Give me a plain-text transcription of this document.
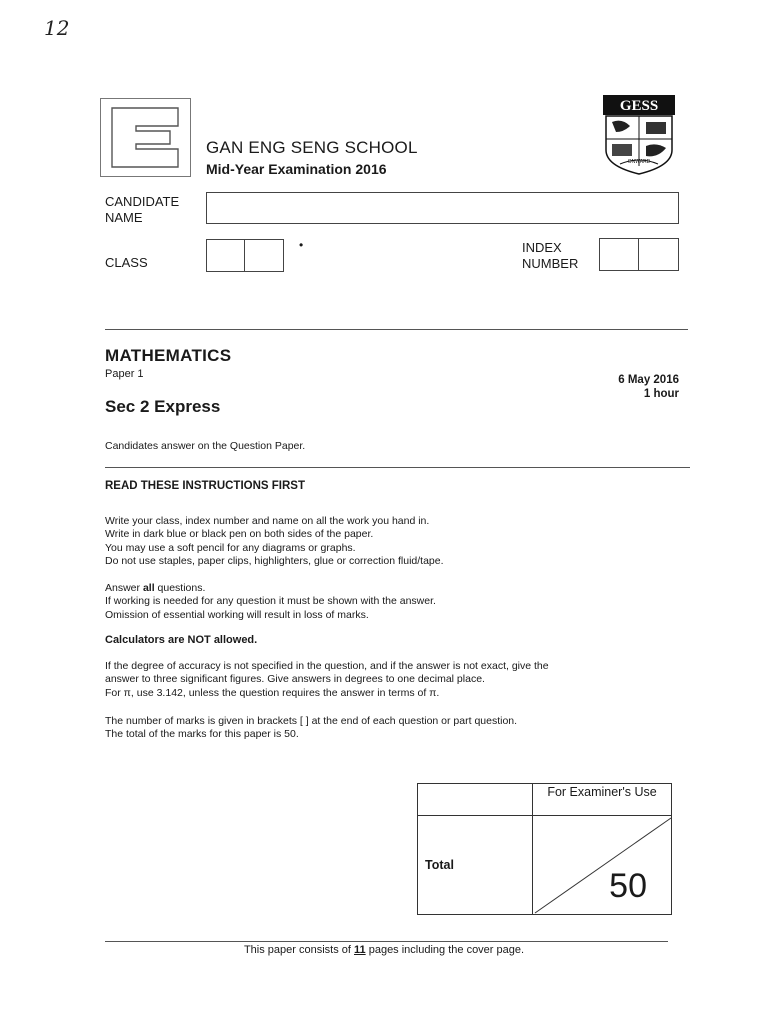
12
GAN ENG SENG SCHOOL
Mid-Year Examination 2016
GESS
ONWARD
CANDIDATE NAME
CLASS
•	INDEX
NUMBER
MATHEMATICS
Paper 1
Sec 2 Express
6 May 2016
1 hour
Candidates answer on the Question Paper.
READ THESE INSTRUCTIONS FIRST
Write your class, index number and name on all the work you hand in.
Write in dark blue or black pen on both sides of the paper.
You may use a soft pencil for any diagrams or graphs.
Do not use staples, paper clips, highlighters, glue or correction fluid/tape.
Answer all questions.
If working is needed for any question it must be shown with the answer.
Omission of essential working will result in loss of marks.
Calculators are NOT allowed.
If the degree of accuracy is not specified in the question, and if the answer is not exact, give the
answer to three significant figures. Give answers in degrees to one decimal place.
For π, use 3.142, unless the question requires the answer in terms of π.
The number of marks is given in brackets [ ] at the end of each question or part question.
The total of the marks for this paper is 50.
	For Examiner's Use
Total	50
This paper consists of 11 pages including the cover page.
